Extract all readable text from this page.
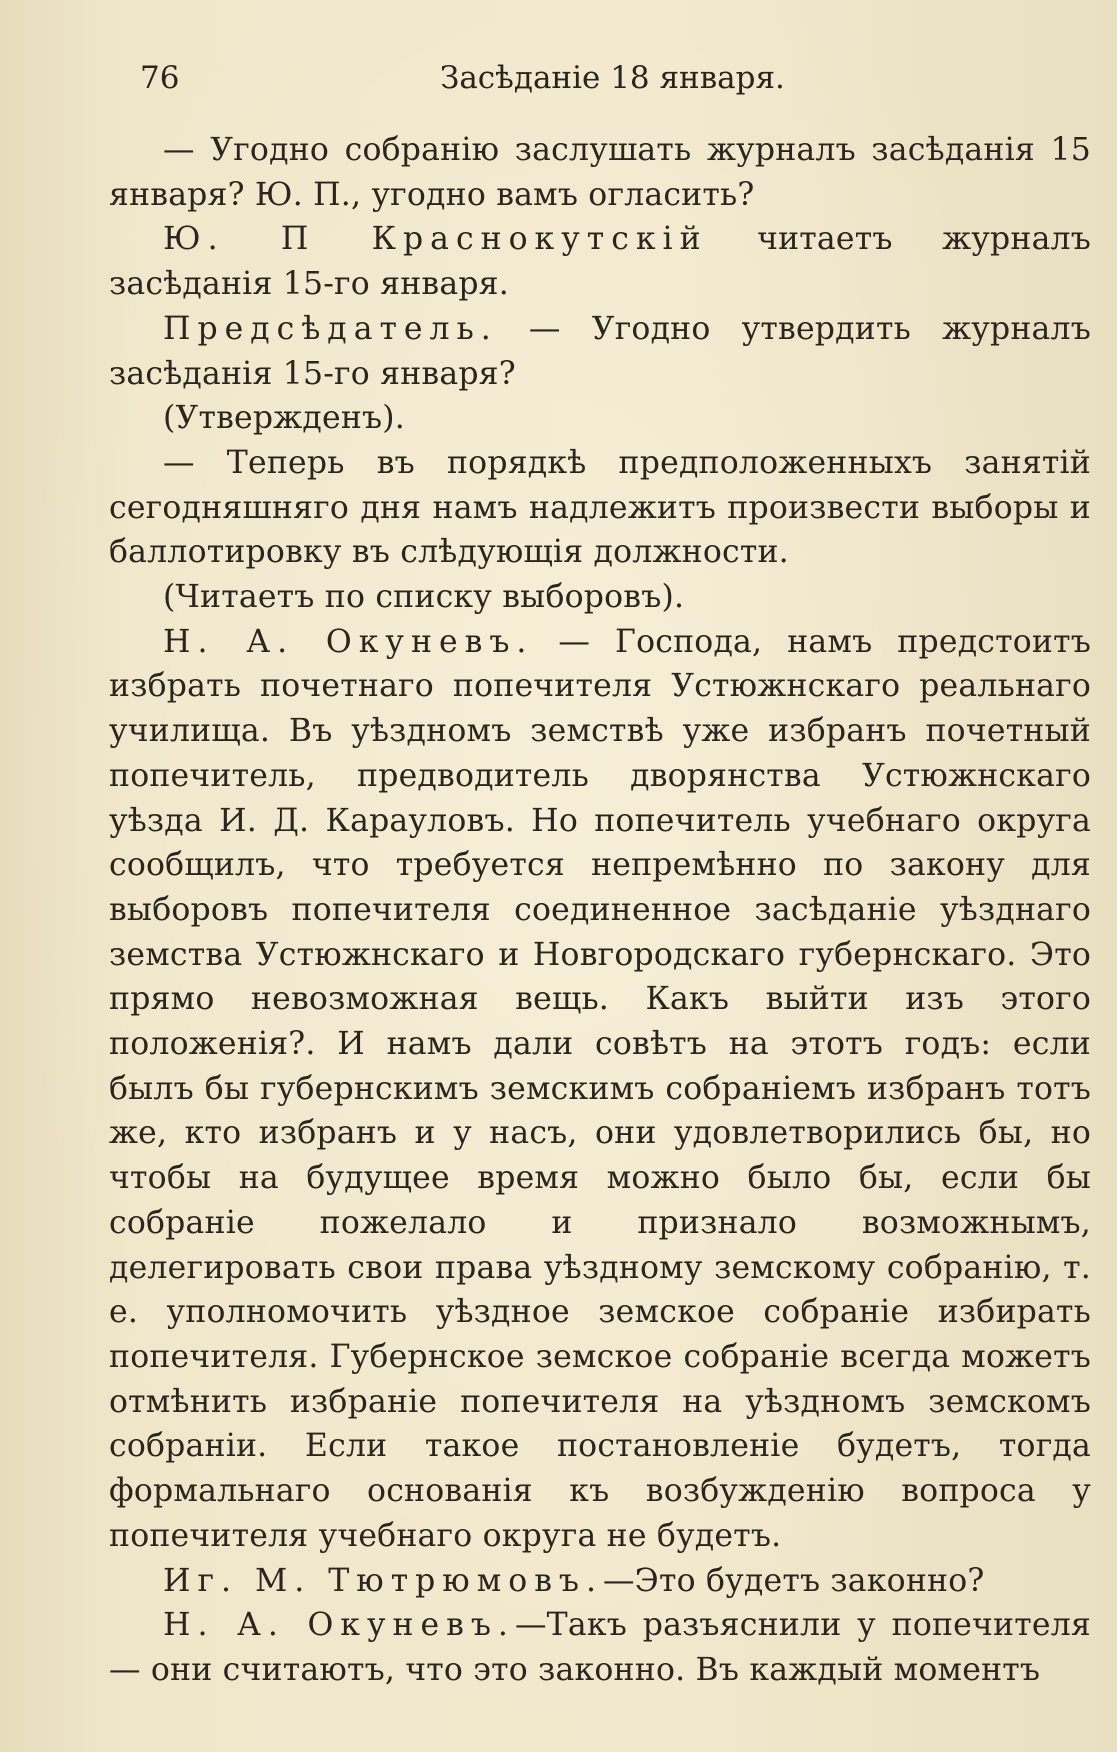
76	Засѣданіе 18 января.

— Угодно собранію заслушать журналъ засѣданія 15 января? Ю. П., угодно вамъ огласить?

Ю. П Краснокутскій читаетъ журналъ засѣданія 15-го января.

Предсѣдатель. — Угодно утвердить журналъ засѣданія 15-го января?

(Утвержденъ).

— Теперь въ порядкѣ предположенныхъ занятій сегодняшняго дня намъ надлежитъ произвести выборы и баллотировку въ слѣдующія должности.

(Читаетъ по списку выборовъ).

Н. А. Окуневъ. — Господа, намъ предстоитъ избрать почетнаго попечителя Устюжнскаго реальнаго училища. Въ уѣздномъ земствѣ уже избранъ почетный попечитель, предводитель дворянства Устюжнскаго уѣзда И. Д. Карауловъ. Но попечитель учебнаго округа сообщилъ, что требуется непремѣнно по закону для выборовъ попечителя соединенное засѣданіе уѣзднаго земства Устюжнскаго и Новгородскаго губернскаго. Это прямо невозможная вещь. Какъ выйти изъ этого положенія?. И намъ дали совѣтъ на этотъ годъ: если былъ бы губернскимъ земскимъ собраніемъ избранъ тотъ же, кто избранъ и у насъ, они удовлетворились бы, но чтобы на будущее время можно было бы, если бы собраніе пожелало и признало возможнымъ, делегировать свои права уѣздному земскому собранію, т. е. уполномочить уѣздное земское собраніе избирать попечителя. Губернское земское собраніе всегда можетъ отмѣнить избраніе попечителя на уѣздномъ земскомъ собраніи. Если такое постановленіе будетъ, тогда формальнаго основанія къ возбужденію вопроса у попечителя учебнаго округа не будетъ.

Иг. М. Тютрюмовъ.—Это будетъ законно?

Н. А. Окуневъ.—Такъ разъяснили у попечителя— они считаютъ, что это законно. Въ каждый моментъ
